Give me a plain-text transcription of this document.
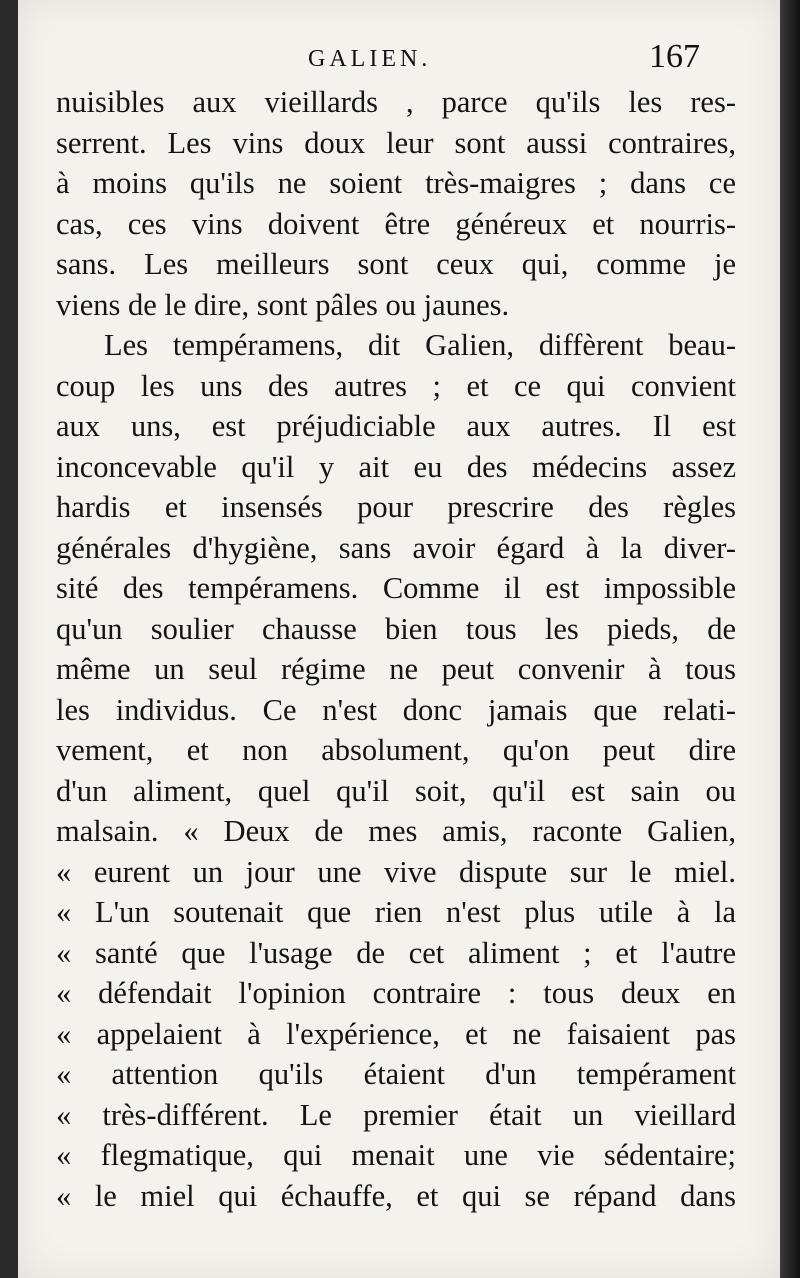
GALIEN.	167
nuisibles aux vieillards , parce qu'ils les res-
serrent. Les vins doux leur sont aussi contraires,
à moins qu'ils ne soient très-maigres ; dans ce
cas, ces vins doivent être généreux et nourris-
sans. Les meilleurs sont ceux qui, comme je
viens de le dire, sont pâles ou jaunes.
Les tempéramens, dit Galien, diffèrent beau-
coup les uns des autres ; et ce qui convient
aux uns, est préjudiciable aux autres. Il est
inconcevable qu'il y ait eu des médecins assez
hardis et insensés pour prescrire des règles
générales d'hygiène, sans avoir égard à la diver-
sité des tempéramens. Comme il est impossible
qu'un soulier chausse bien tous les pieds, de
même un seul régime ne peut convenir à tous
les individus. Ce n'est donc jamais que relati-
vement, et non absolument, qu'on peut dire
d'un aliment, quel qu'il soit, qu'il est sain ou
malsain. « Deux de mes amis, raconte Galien,
« eurent un jour une vive dispute sur le miel.
« L'un soutenait que rien n'est plus utile à la
« santé que l'usage de cet aliment ; et l'autre
« défendait l'opinion contraire : tous deux en
« appelaient à l'expérience, et ne faisaient pas
« attention qu'ils étaient d'un tempérament
« très-différent. Le premier était un vieillard
« flegmatique, qui menait une vie sédentaire;
« le miel qui échauffe, et qui se répand dans
